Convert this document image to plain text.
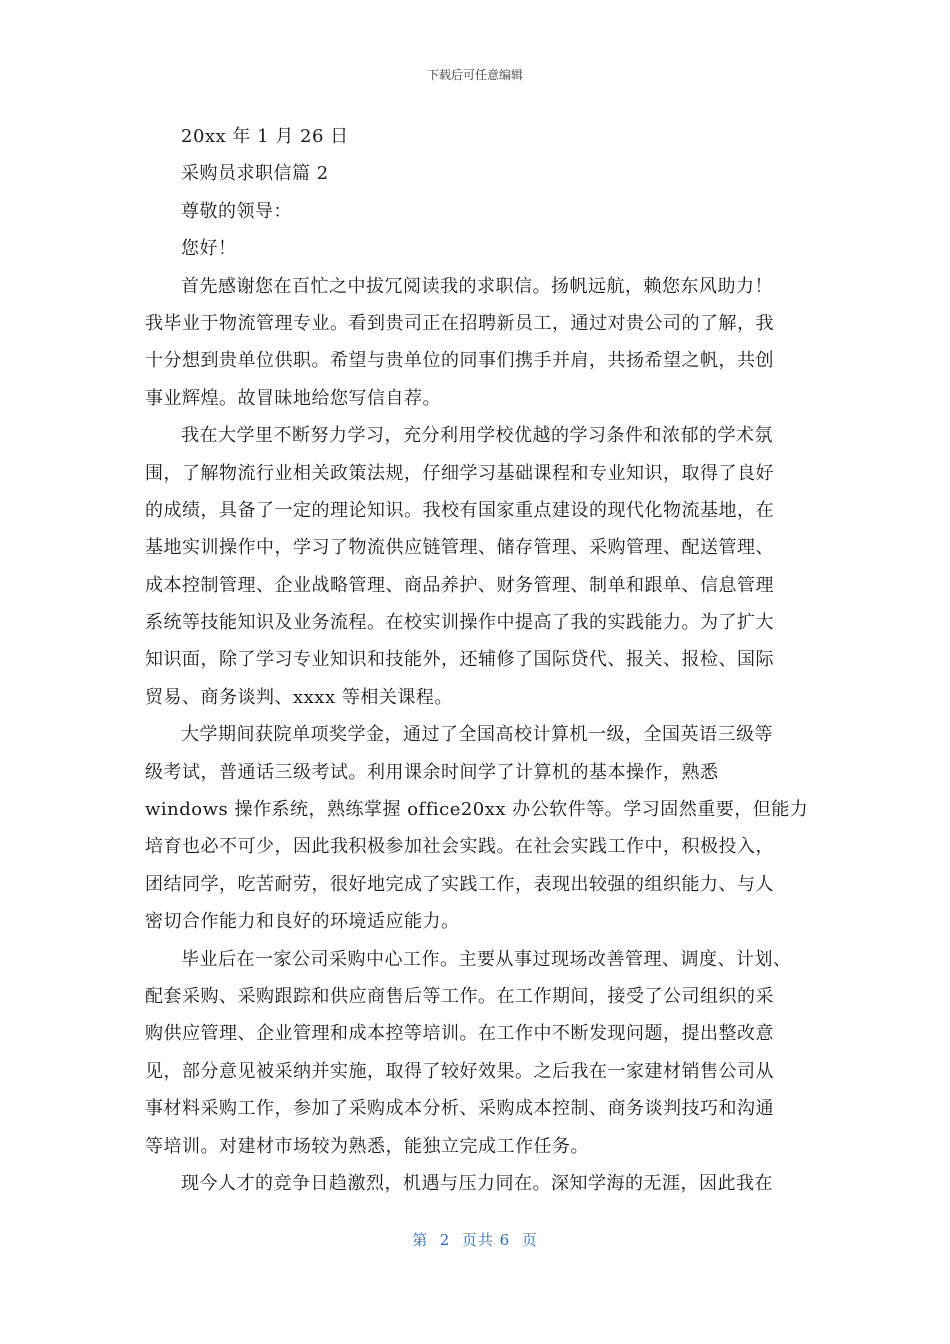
下载后可任意编辑
20xx 年 1 月 26 日
采购员求职信篇 2
尊敬的领导：
您好！
首先感谢您在百忙之中拔冗阅读我的求职信。扬帆远航，赖您东风助力！
我毕业于物流管理专业。看到贵司正在招聘新员工，通过对贵公司的了解，我
十分想到贵单位供职。希望与贵单位的同事们携手并肩，共扬希望之帆，共创
事业辉煌。故冒昧地给您写信自荐。
我在大学里不断努力学习，充分利用学校优越的学习条件和浓郁的学术氛
围，了解物流行业相关政策法规，仔细学习基础课程和专业知识，取得了良好
的成绩，具备了一定的理论知识。我校有国家重点建设的现代化物流基地，在
基地实训操作中，学习了物流供应链管理、储存管理、采购管理、配送管理、
成本控制管理、企业战略管理、商品养护、财务管理、制单和跟单、信息管理
系统等技能知识及业务流程。在校实训操作中提高了我的实践能力。为了扩大
知识面，除了学习专业知识和技能外，还辅修了国际贷代、报关、报检、国际
贸易、商务谈判、xxxx 等相关课程。
大学期间获院单项奖学金，通过了全国高校计算机一级，全国英语三级等
级考试，普通话三级考试。利用课余时间学了计算机的基本操作，熟悉
windows 操作系统，熟练掌握 office20xx 办公软件等。学习固然重要，但能力
培育也必不可少，因此我积极参加社会实践。在社会实践工作中，积极投入，
团结同学，吃苦耐劳，很好地完成了实践工作，表现出较强的组织能力、与人
密切合作能力和良好的环境适应能力。
毕业后在一家公司采购中心工作。主要从事过现场改善管理、调度、计划、
配套采购、采购跟踪和供应商售后等工作。在工作期间，接受了公司组织的采
购供应管理、企业管理和成本控等培训。在工作中不断发现问题，提出整改意
见，部分意见被采纳并实施，取得了较好效果。之后我在一家建材销售公司从
事材料采购工作，参加了采购成本分析、采购成本控制、商务谈判技巧和沟通
等培训。对建材市场较为熟悉，能独立完成工作任务。
现今人才的竞争日趋激烈，机遇与压力同在。深知学海的无涯，因此我在
第  2  页共 6  页
